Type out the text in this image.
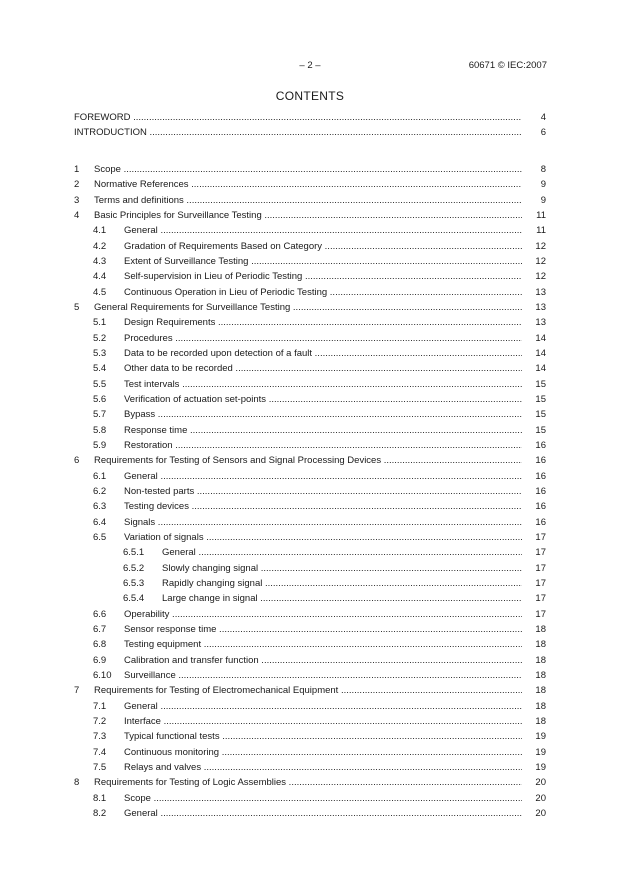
– 2 –	60671 © IEC:2007
CONTENTS
FOREWORD .....	4
INTRODUCTION .....	6
1 Scope .....	8
2 Normative References .....	9
3 Terms and definitions .....	9
4 Basic Principles for Surveillance Testing .....	11
4.1 General .....	11
4.2 Gradation of Requirements Based on Category .....	12
4.3 Extent of Surveillance Testing .....	12
4.4 Self-supervision in Lieu of Periodic Testing .....	12
4.5 Continuous Operation in Lieu of Periodic Testing .....	13
5 General Requirements for Surveillance Testing .....	13
5.1 Design Requirements .....	13
5.2 Procedures .....	14
5.3 Data to be recorded upon detection of a fault .....	14
5.4 Other data to be recorded .....	14
5.5 Test intervals .....	15
5.6 Verification of actuation set-points .....	15
5.7 Bypass .....	15
5.8 Response time .....	15
5.9 Restoration .....	16
6 Requirements for Testing of Sensors and Signal Processing Devices .....	16
6.1 General .....	16
6.2 Non-tested parts .....	16
6.3 Testing devices .....	16
6.4 Signals .....	16
6.5 Variation of signals .....	17
6.5.1 General .....	17
6.5.2 Slowly changing signal .....	17
6.5.3 Rapidly changing signal .....	17
6.5.4 Large change in signal .....	17
6.6 Operability .....	17
6.7 Sensor response time .....	18
6.8 Testing equipment .....	18
6.9 Calibration and transfer function .....	18
6.10 Surveillance .....	18
7 Requirements for Testing of Electromechanical Equipment .....	18
7.1 General .....	18
7.2 Interface .....	18
7.3 Typical functional tests .....	19
7.4 Continuous monitoring .....	19
7.5 Relays and valves .....	19
8 Requirements for Testing of Logic Assemblies .....	20
8.1 Scope .....	20
8.2 General .....	20
